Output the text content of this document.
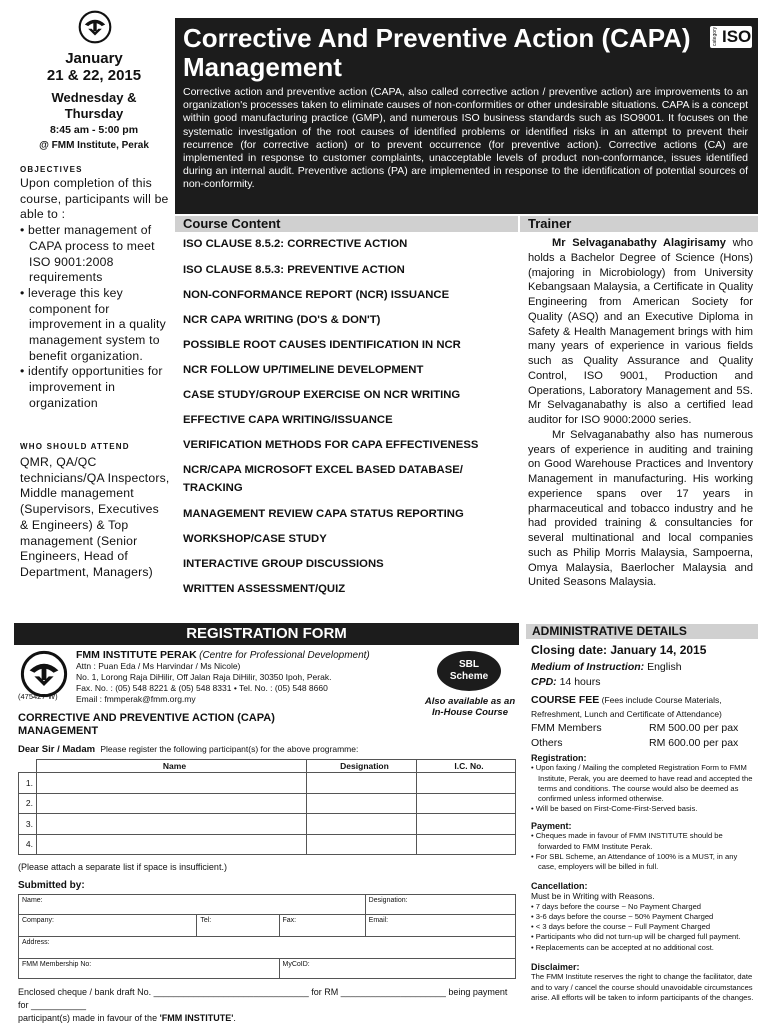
January
21 & 22, 2015
Wednesday &
Thursday
8:45 am - 5:00 pm
@ FMM Institute, Perak
OBJECTIVES
Upon completion of this course, participants will be able to :
• better management of CAPA process to meet ISO 9001:2008 requirements
• leverage this key component for improvement in a quality management system to benefit organization.
• identify opportunities for improvement in organization
WHO SHOULD ATTEND
QMR, QA/QC technicians/QA Inspectors, Middle management (Supervisors, Executives & Engineers) & Top management (Senior Engineers, Head of Department, Managers)
Corrective And Preventive Action (CAPA) Management
category ISO
Corrective action and preventive action (CAPA, also called corrective action / preventive action) are improvements to an organization's processes taken to eliminate causes of non-conformities or other undesirable situations. CAPA is a concept within good manufacturing practice (GMP), and numerous ISO business standards such as ISO9001. It focuses on the systematic investigation of the root causes of identified problems or identified risks in an attempt to prevent their recurrence (for corrective action) or to prevent occurrence (for preventive action). Corrective actions (CA) are implemented in response to customer complaints, unacceptable levels of product non-conformance, issues identified during an internal audit. Preventive actions (PA) are implemented in response to the identification of potential sources of non-conformity.
Course Content
ISO CLAUSE 8.5.2: CORRECTIVE ACTION
ISO CLAUSE 8.5.3: PREVENTIVE ACTION
NON-CONFORMANCE REPORT (NCR) ISSUANCE
NCR CAPA WRITING (DO'S & DON'T)
POSSIBLE ROOT CAUSES IDENTIFICATION IN NCR
NCR FOLLOW UP/TIMELINE DEVELOPMENT
CASE STUDY/GROUP EXERCISE ON NCR WRITING
EFFECTIVE CAPA WRITING/ISSUANCE
VERIFICATION METHODS FOR CAPA EFFECTIVENESS
NCR/CAPA MICROSOFT EXCEL BASED DATABASE/ TRACKING
MANAGEMENT REVIEW CAPA STATUS REPORTING
WORKSHOP/CASE STUDY
INTERACTIVE GROUP DISCUSSIONS
WRITTEN ASSESSMENT/QUIZ
Trainer

Mr Selvaganabathy Alagirisamy who holds a Bachelor Degree of Science (Hons) (majoring in Microbiology) from University Kebangsaan Malaysia, a Certificate in Quality Engineering from American Society for Quality (ASQ) and an Executive Diploma in Safety & Health Management brings with him many years of experience in various fields such as Quality Assurance and Quality Control, ISO 9001, Production and Operations, Laboratory Management and 5S. Mr Selvaganabathy is also a certified lead auditor for ISO 9000:2000 series.

Mr Selvaganabathy also has numerous years of experience in auditing and training on Good Warehouse Practices and Inventory Management in manufacturing. His working experience spans over 17 years in pharmaceutical and tobacco industry and he had provided training & consultancies for several multinational and local companies such as Philip Morris Malaysia, Sampoerna, Omya Malaysia, Baerlocher Malaysia and United Seasons Malaysia.

REGISTRATION FORM
FMM INSTITUTE PERAK (Centre for Professional Development)
Attn : Puan Eda / Ms Harvindar / Ms Nicole)
No. 1, Lorong Raja DiHilir, Off Jalan Raja DiHilir, 30350 Ipoh, Perak.
Fax. No. : (05) 548 8221 & (05) 548 8331 • Tel. No. : (05) 548 8660
Email : fmmperak@fmm.org.my
(475427-W)
SBL
Scheme
Also available as an In-House Course
CORRECTIVE AND PREVENTIVE ACTION (CAPA) MANAGEMENT
Dear Sir / Madam Please register the following participant(s) for the above programme:
	Name	Designation	I.C. No.
1.			
2.			
3.			
4.			
(Please attach a separate list if space is insufficient.)
Submitted by:
Name:			Designation:
Company:	Tel:	Fax:	Email:
Address:			
FMM Membership No:		MyCoID:	
Enclosed cheque / bank draft No. _______________________________ for RM _____________________ being payment for ___________
participant(s) made in favour of the 'FMM INSTITUTE'.
ADMINISTRATIVE DETAILS
Closing date: January 14, 2015
Medium of Instruction: English
CPD: 14 hours
COURSE FEE (Fees include Course Materials, Refreshment, Lunch and Certificate of Attendance)
FMM Members	RM 500.00 per pax
Others	RM 600.00 per pax
Registration:
• Upon faxing / Mailing the completed Registration Form to FMM Institute, Perak, you are deemed to have read and accepted the terms and conditions. The course would also be deemed as confirmed unless informed otherwise.
• Will be based on First-Come-First-Served basis.
Payment:
• Cheques made in favour of FMM INSTITUTE should be forwarded to FMM Institute Perak.
• For SBL Scheme, an Attendance of 100% is a MUST, in any case, employers will be billed in full.
Cancellation:
Must be in Writing with Reasons.
• 7 days before the course ~ No Payment Charged
• 3-6 days before the course ~ 50% Payment Charged
• < 3 days before the course ~ Full Payment Charged
• Participants who did not turn-up will be charged full payment.
• Replacements can be accepted at no additional cost.
Disclaimer:
The FMM Institute reserves the right to change the facilitator, date and to vary / cancel the course should unavoidable circumstances arise. All efforts will be taken to inform participants of the changes.
